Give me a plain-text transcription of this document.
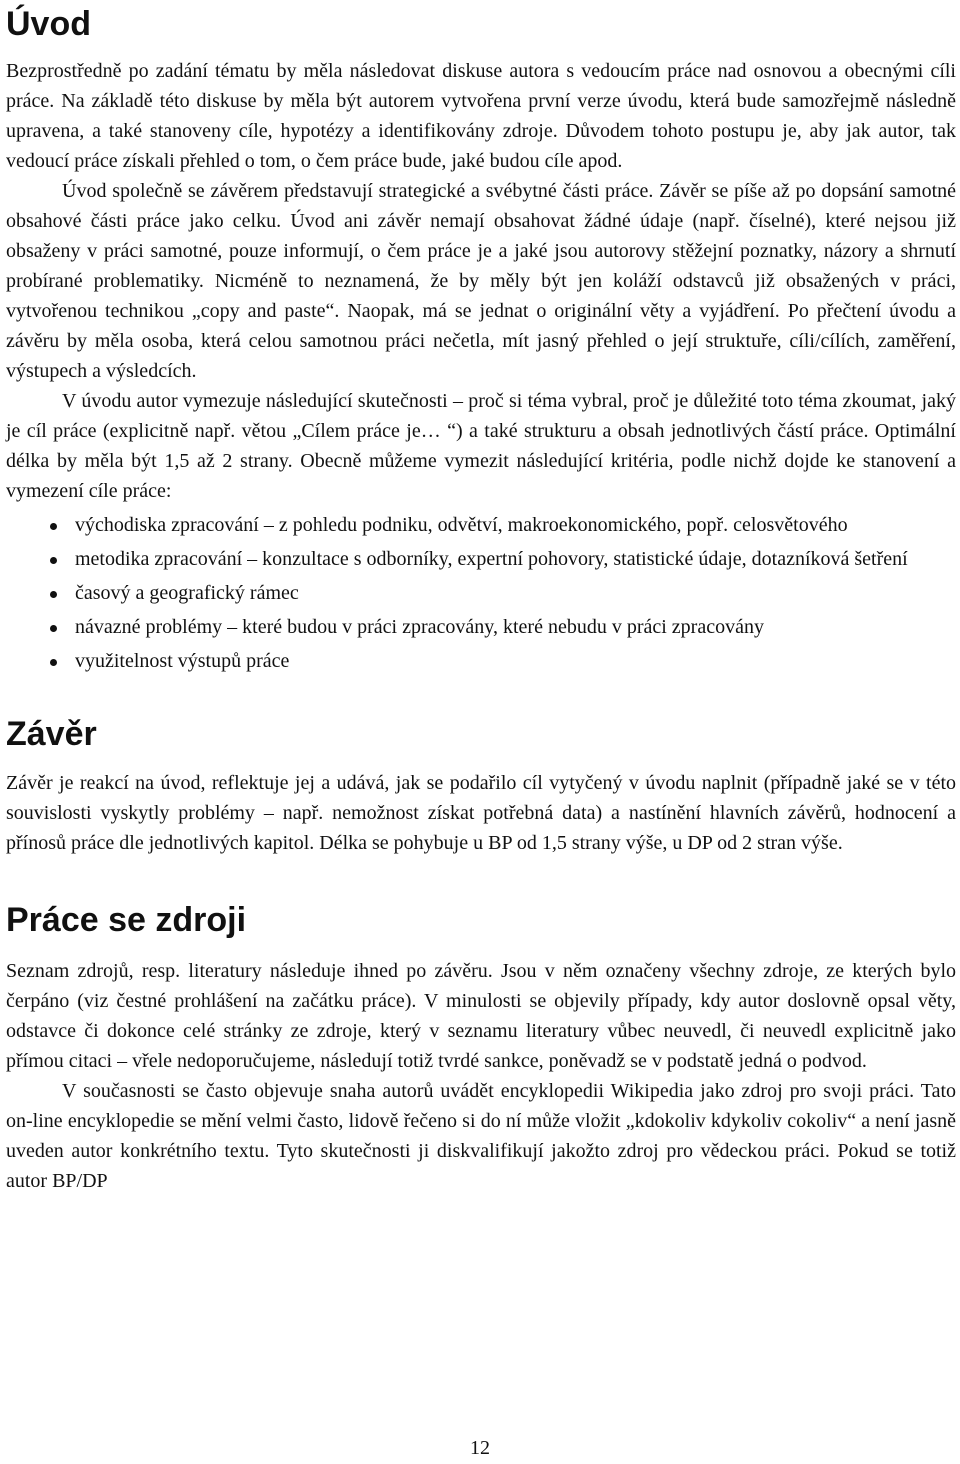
Úvod

Bezprostředně po zadání tématu by měla následovat diskuse autora s vedoucím práce nad osnovou a obecnými cíli práce. Na základě této diskuse by měla být autorem vytvořena první verze úvodu, která bude samozřejmě následně upravena, a také stanoveny cíle, hypotézy a identifikovány zdroje. Důvodem tohoto postupu je, aby jak autor, tak vedoucí práce získali přehled o tom, o čem práce bude, jaké budou cíle apod.

Úvod společně se závěrem představují strategické a svébytné části práce. Závěr se píše až po dopsání samotné obsahové části práce jako celku. Úvod ani závěr nemají obsahovat žádné údaje (např. číselné), které nejsou již obsaženy v práci samotné, pouze informují, o čem práce je a jaké jsou autorovy stěžejní poznatky, názory a shrnutí probírané problematiky. Nicméně to neznamená, že by měly být jen koláží odstavců již obsažených v práci, vytvořenou technikou „copy and paste“. Naopak, má se jednat o originální věty a vyjádření. Po přečtení úvodu a závěru by měla osoba, která celou samotnou práci nečetla, mít jasný přehled o její struktuře, cíli/cílích, zaměření, výstupech a výsledcích.

V úvodu autor vymezuje následující skutečnosti – proč si téma vybral, proč je důležité toto téma zkoumat, jaký je cíl práce (explicitně např. větou „Cílem práce je… “) a také strukturu a obsah jednotlivých částí práce. Optimální délka by měla být 1,5 až 2 strany. Obecně můžeme vymezit následující kritéria, podle nichž dojde ke stanovení a vymezení cíle práce:

východiska zpracování – z pohledu podniku, odvětví, makroekonomického, popř. celosvětového
metodika zpracování – konzultace s odborníky, expertní pohovory, statistické údaje, dotazníková šetření
časový a geografický rámec
návazné problémy – které budou v práci zpracovány, které nebudu v práci zpracovány
využitelnost výstupů práce
Závěr

Závěr je reakcí na úvod, reflektuje jej a udává, jak se podařilo cíl vytyčený v úvodu naplnit (případně jaké se v této souvislosti vyskytly problémy – např. nemožnost získat potřebná data) a nastínění hlavních závěrů, hodnocení a přínosů práce dle jednotlivých kapitol. Délka se pohybuje u BP od 1,5 strany výše, u DP od 2 stran výše.

Práce se zdroji

Seznam zdrojů, resp. literatury následuje ihned po závěru. Jsou v něm označeny všechny zdroje, ze kterých bylo čerpáno (viz čestné prohlášení na začátku práce). V minulosti se objevily případy, kdy autor doslovně opsal věty, odstavce či dokonce celé stránky ze zdroje, který v seznamu literatury vůbec neuvedl, či neuvedl explicitně jako přímou citaci – vřele nedoporučujeme, následují totiž tvrdé sankce, poněvadž se v podstatě jedná o podvod.

V současnosti se často objevuje snaha autorů uvádět encyklopedii Wikipedia jako zdroj pro svoji práci. Tato on-line encyklopedie se mění velmi často, lidově řečeno si do ní může vložit „kdokoliv kdykoliv cokoliv“ a není jasně uveden autor konkrétního textu. Tyto skutečnosti ji diskvalifikují jakožto zdroj pro vědeckou práci. Pokud se totiž autor BP/DP

12
